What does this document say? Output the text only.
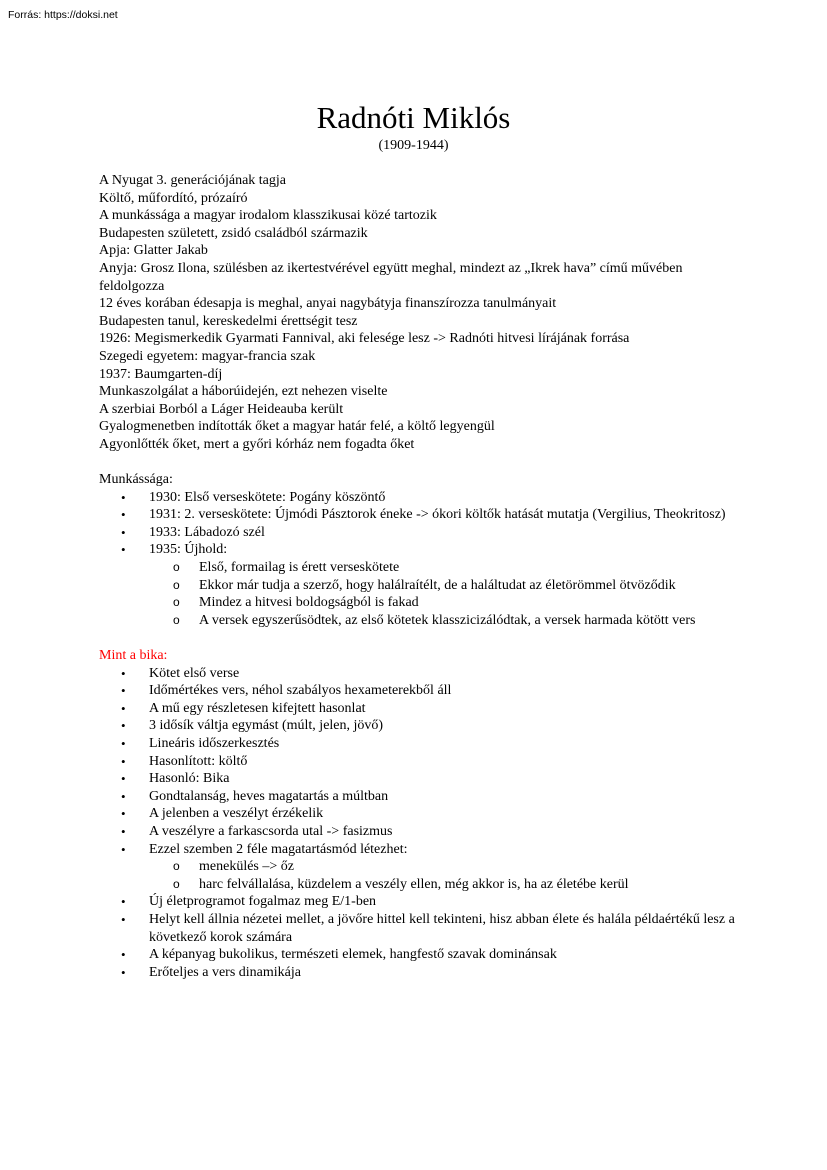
Forrás: https://doksi.net
Radnóti Miklós
(1909-1944)

A Nyugat 3. generációjának tagja

Költő, műfordító, prózaíró

A munkássága a magyar irodalom klasszikusai közé tartozik

Budapesten született, zsidó családból származik

Apja: Glatter Jakab

Anyja: Grosz Ilona, szülésben az ikertestvérével együtt meghal, mindezt az „Ikrek hava” című művében feldolgozza

12 éves korában édesapja is meghal, anyai nagybátyja finanszírozza tanulmányait

Budapesten tanul, kereskedelmi érettségit tesz

1926: Megismerkedik Gyarmati Fannival, aki felesége lesz -> Radnóti hitvesi lírájának forrása

Szegedi egyetem: magyar-francia szak

1937: Baumgarten-díj

Munkaszolgálat a háborúidején, ezt nehezen viselte

A szerbiai Borból a Láger Heideauba került

Gyalogmenetben indították őket a magyar határ felé, a költő legyengül

Agyonlőtték őket, mert a győri kórház nem fogadta őket

Munkássága:

• 1930: Első verseskötete: Pogány köszöntő
• 1931: 2. verseskötete: Újmódi Pásztorok éneke -> ókori költők hatását mutatja (Vergilius, Theokritosz)
• 1933: Lábadozó szél
• 1935: Újhold:
o Első, formailag is érett verseskötete
o Ekkor már tudja a szerző, hogy halálraítélt, de a haláltudat az életörömmel ötvöződik
o Mindez a hitvesi boldogságból is fakad
o A versek egyszerűsödtek, az első kötetek klasszicizálódtak, a versek harmada kötött vers

Mint a bika:

• Kötet első verse
• Időmértékes vers, néhol szabályos hexameterekből áll
• A mű egy részletesen kifejtett hasonlat
• 3 idősík váltja egymást (múlt, jelen, jövő)
• Lineáris időszerkesztés
• Hasonlított: költő
• Hasonló: Bika
• Gondtalanság, heves magatartás a múltban
• A jelenben a veszélyt érzékelik
• A veszélyre a farkascsorda utal -> fasizmus
• Ezzel szemben 2 féle magatartásmód létezhet:
o menekülés –> őz
o harc felvállalása, küzdelem a veszély ellen, még akkor is, ha az életébe kerül
• Új életprogramot fogalmaz meg E/1-ben
• Helyt kell állnia nézetei mellet, a jövőre hittel kell tekinteni, hisz abban élete és halála példaértékű lesz a következő korok számára
• A képanyag bukolikus, természeti elemek, hangfestő szavak dominánsak
• Erőteljes a vers dinamikája
